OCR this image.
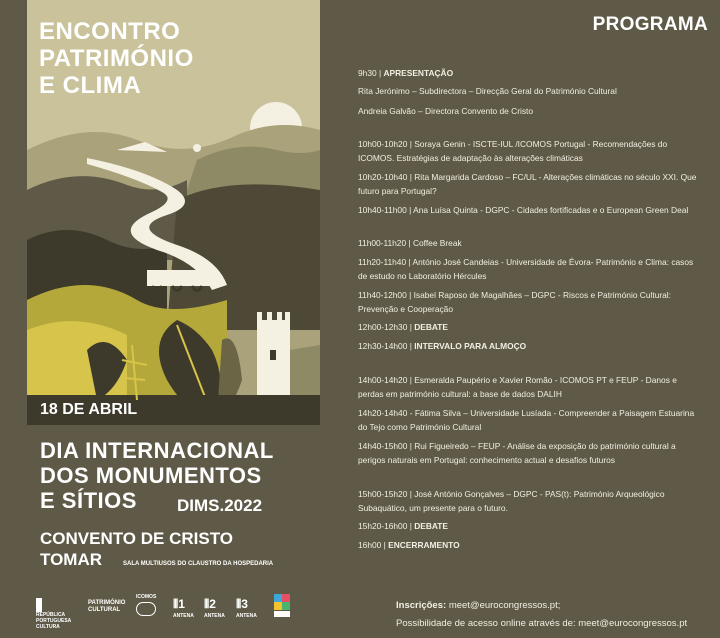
ENCONTRO
PATRIMÓNIO
E CLIMA
18 DE ABRIL
DIA INTERNACIONAL
DOS MONUMENTOS
E SÍTIOS	DIMS.2022
CONVENTO DE CRISTO
TOMAR	SALA MULTIUSOS DO CLAUSTRO DA HOSPEDARIA
REPÚBLICA
PORTUGUESA
CULTURA
PATRIMÓNIO
CULTURAL
ICOMOS ⦀1
ANTENA
⦀2
ANTENA
⦀3
ANTENA
PROGRAMA
9h30 | APRESENTAÇÃO
Rita Jerónimo – Subdirectora – Direcção Geral do Património Cultural
Andreia Galvão – Directora Convento de Cristo
10h00-10h20 | Soraya Genin - ISCTE-IUL /ICOMOS Portugal - Recomendações do ICOMOS. Estratégias de adaptação às alterações climáticas
10h20-10h40 | Rita Margarida Cardoso – FC/UL - Alterações climáticas no século XXI. Que futuro para Portugal?
10h40-11h00 | Ana Luísa Quinta - DGPC - Cidades fortificadas e o European Green Deal
11h00-11h20 | Coffee Break
11h20-11h40 | António José Candeias - Universidade de Évora- Património e Clima: casos de estudo no Laboratório Hércules
11h40-12h00 | Isabel Raposo de Magalhães – DGPC - Riscos e Património Cultural: Prevenção e Cooperação
12h00-12h30 | DEBATE
12h30-14h00 | INTERVALO PARA ALMOÇO
14h00-14h20 | Esmeralda Paupério e Xavier Romão - ICOMOS PT e FEUP - Danos e perdas em património cultural: a base de dados DALIH
14h20-14h40 - Fátima Silva – Universidade Lusíada - Compreender a Paisagem Estuarina do Tejo como Património Cultural
14h40-15h00 | Rui Figueiredo – FEUP - Análise da exposição do património cultural a perigos naturais em Portugal: conhecimento actual e desafios futuros
15h00-15h20 | José António Gonçalves – DGPC - PAS(t): Património Arqueológico Subaquático, um presente para o futuro.
15h20-16h00 | DEBATE
16h00 | ENCERRAMENTO
Inscrições: meet@eurocongressos.pt;
Possibilidade de acesso online através de: meet@eurocongressos.pt
